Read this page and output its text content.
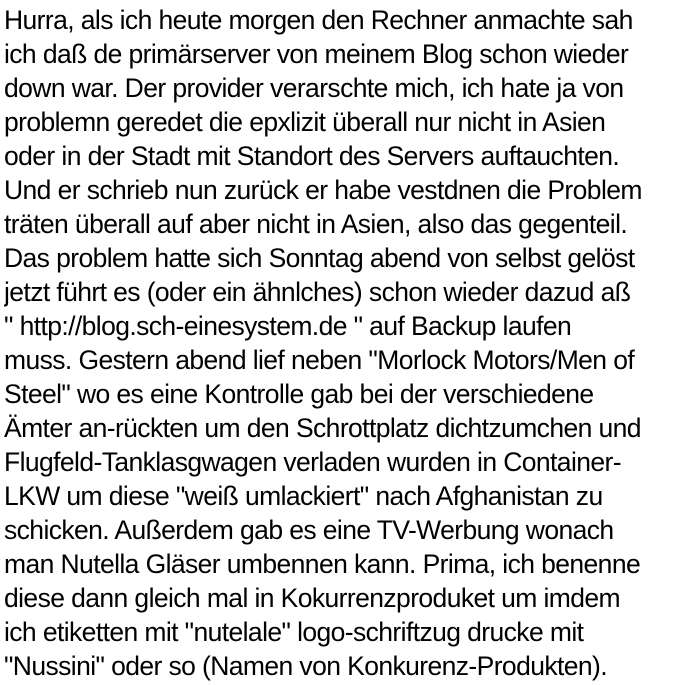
Hurra, als ich heute morgen den Rechner anmachte sah
ich daß de primärserver von meinem Blog schon wieder
down war. Der provider verarschte mich, ich hate ja von
problemn geredet die epxlizit überall nur nicht in Asien
oder in der Stadt mit Standort des Servers auftauchten.
Und er schrieb nun zurück er habe vestdnen die Problem
träten überall auf aber nicht in Asien, also das gegenteil.
Das problem hatte sich Sonntag abend von selbst gelöst
jetzt führt es (oder ein ähnlches) schon wieder dazud aß
" http://blog.sch-einesystem.de " auf Backup laufen
muss. Gestern abend lief neben "Morlock Motors/Men of
Steel" wo es eine Kontrolle gab bei der verschiedene
Ämter an-rückten um den Schrottplatz dichtzumchen und
Flugfeld-Tanklasgwagen verladen wurden in Container-
LKW um diese "weiß umlackiert" nach Afghanistan zu
schicken. Außerdem gab es eine TV-Werbung wonach
man Nutella Gläser umbennen kann. Prima, ich benenne
diese dann gleich mal in Kokurrenzproduket um imdem
ich etiketten mit "nutelale" logo-schriftzug drucke mit
"Nussini" oder so (Namen von Konkurenz-Produkten).
